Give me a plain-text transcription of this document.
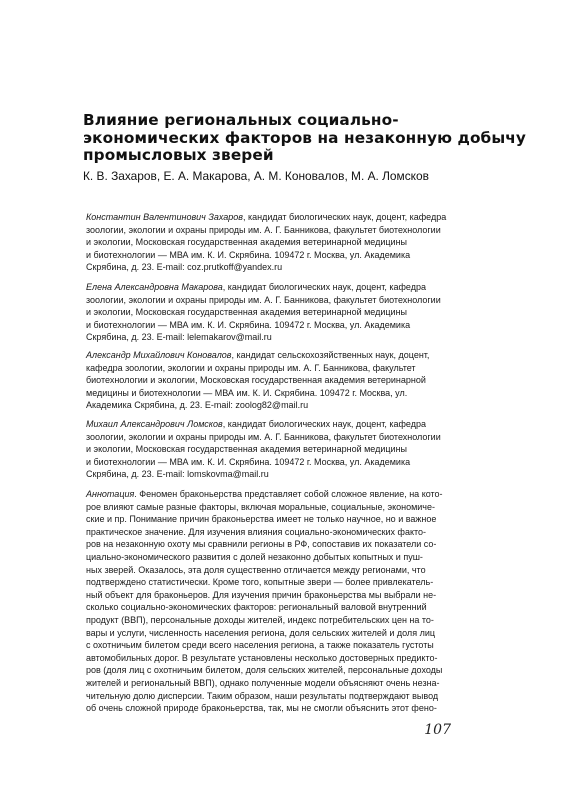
Влияние региональных социально-
экономических факторов на незаконную добычу
промысловых зверей
К. В. Захаров, Е. А. Макарова, А. М. Коновалов, М. А. Ломсков
Константин Валентинович Захаров, кандидат биологических наук, доцент, кафедра
зоологии, экологии и охраны природы им. А. Г. Банникова, факультет биотехнологии
и экологии, Московская государственная академия ветеринарной медицины
и биотехнологии — МВА им. К. И. Скрябина. 109472 г. Москва, ул. Академика
Скрябина, д. 23. E-mail: coz.prutkoff@yandex.ru
Елена Александровна Макарова, кандидат биологических наук, доцент, кафедра
зоологии, экологии и охраны природы им. А. Г. Банникова, факультет биотехнологии
и экологии, Московская государственная академия ветеринарной медицины
и биотехнологии — МВА им. К. И. Скрябина. 109472 г. Москва, ул. Академика
Скрябина, д. 23. E-mail: lelemakarov@mail.ru
Александр Михайлович Коновалов, кандидат сельскохозяйственных наук, доцент,
кафедра зоологии, экологии и охраны природы им. А. Г. Банникова, факультет
биотехнологии и экологии, Московская государственная академия ветеринарной
медицины и биотехнологии — МВА им. К. И. Скрябина. 109472 г. Москва, ул.
Академика Скрябина, д. 23. E-mail: zoolog82@mail.ru
Михаил Александрович Ломсков, кандидат биологических наук, доцент, кафедра
зоологии, экологии и охраны природы им. А. Г. Банникова, факультет биотехнологии
и экологии, Московская государственная академия ветеринарной медицины
и биотехнологии — МВА им. К. И. Скрябина. 109472 г. Москва, ул. Академика
Скрябина, д. 23. E-mail: lomskovma@mail.ru
Аннотация. Феномен браконьерства представляет собой сложное явление, на кото-
рое влияют самые разные факторы, включая моральные, социальные, экономиче-
ские и пр. Понимание причин браконьерства имеет не только научное, но и важное
практическое значение. Для изучения влияния социально-экономических факто-
ров на незаконную охоту мы сравнили регионы в РФ, сопоставив их показатели со-
циально-экономического развития с долей незаконно добытых копытных и пуш-
ных зверей. Оказалось, эта доля существенно отличается между регионами, что
подтверждено статистически. Кроме того, копытные звери — более привлекатель-
ный объект для браконьеров. Для изучения причин браконьерства мы выбрали не-
сколько социально-экономических факторов: региональный валовой внутренний
продукт (ВВП), персональные доходы жителей, индекс потребительских цен на то-
вары и услуги, численность населения региона, доля сельских жителей и доля лиц
с охотничьим билетом среди всего населения региона, а также показатель густоты
автомобильных дорог. В результате установлены несколько достоверных предикто-
ров (доля лиц с охотничьим билетом, доля сельских жителей, персональные доходы
жителей и региональный ВВП), однако полученные модели объясняют очень незна-
чительную долю дисперсии. Таким образом, наши результаты подтверждают вывод
об очень сложной природе браконьерства, так, мы не смогли объяснить этот фено-
107
